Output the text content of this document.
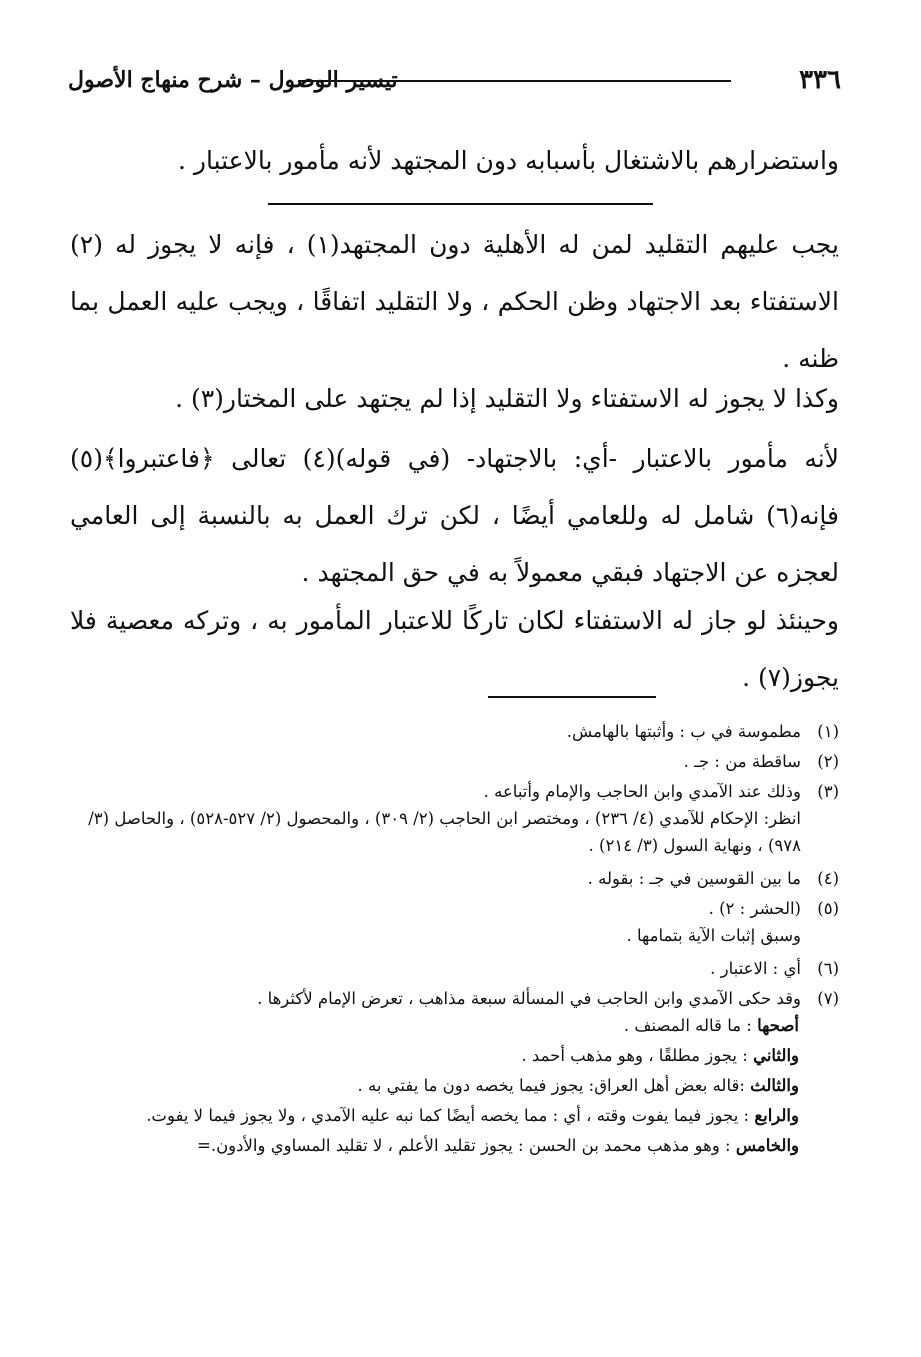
٣٣٦
تيسير الوصول – شرح منهاج الأصول
واستضرارهم بالاشتغال بأسبابه دون المجتهد لأنه مأمور بالاعتبار .
يجب عليهم التقليد لمن له الأهلية دون المجتهد(١) ، فإنه لا يجوز له (٢) الاستفتاء بعد الاجتهاد وظن الحكم ، ولا التقليد اتفاقًا ، ويجب عليه العمل بما ظنه .
وكذا لا يجوز له الاستفتاء ولا التقليد إذا لم يجتهد على المختار(٣) .
لأنه مأمور بالاعتبار -أي: بالاجتهاد- (في قوله)(٤) تعالى ﴿فاعتبروا﴾(٥) فإنه(٦) شامل له وللعامي أيضًا ، لكن ترك العمل به بالنسبة إلى العامي لعجزه عن الاجتهاد فبقي معمولاً به في حق المجتهد .
وحينئذ لو جاز له الاستفتاء لكان تاركًا للاعتبار المأمور به ، وتركه معصية فلا يجوز(٧) .
(١)
مطموسة في ب : وأثبتها بالهامش.
(٢)
ساقطة من : جـ .
(٣)
وذلك عند الآمدي وابن الحاجب والإمام وأتباعه .
انظر: الإحكام للآمدي (٤/ ٢٣٦) ، ومختصر ابن الحاجب (٢/ ٣٠٩) ، والمحصول (٢/ ٥٢٧-٥٢٨) ، والحاصل (٣/ ٩٧٨) ، ونهاية السول (٣/ ٢١٤) .
(٤)
ما بين القوسين في جـ : بقوله .
(٥)
(الحشر : ٢) .
وسبق إثبات الآية بتمامها .
(٦)
أي : الاعتبار .
(٧)
وقد حكى الآمدي وابن الحاجب في المسألة سبعة مذاهب ، تعرض الإمام لأكثرها .
أصحها : ما قاله المصنف .
والثاني : يجوز مطلقًا ، وهو مذهب أحمد .
والثالث :قاله بعض أهل العراق: يجوز فيما يخصه دون ما يفتي به .
والرابع : يجوز فيما يفوت وقته ، أي : مما يخصه أيضًا كما نبه عليه الآمدي ، ولا يجوز فيما لا يفوت.
والخامس : وهو مذهب محمد بن الحسن : يجوز تقليد الأعلم ، لا تقليد المساوي والأدون.=
